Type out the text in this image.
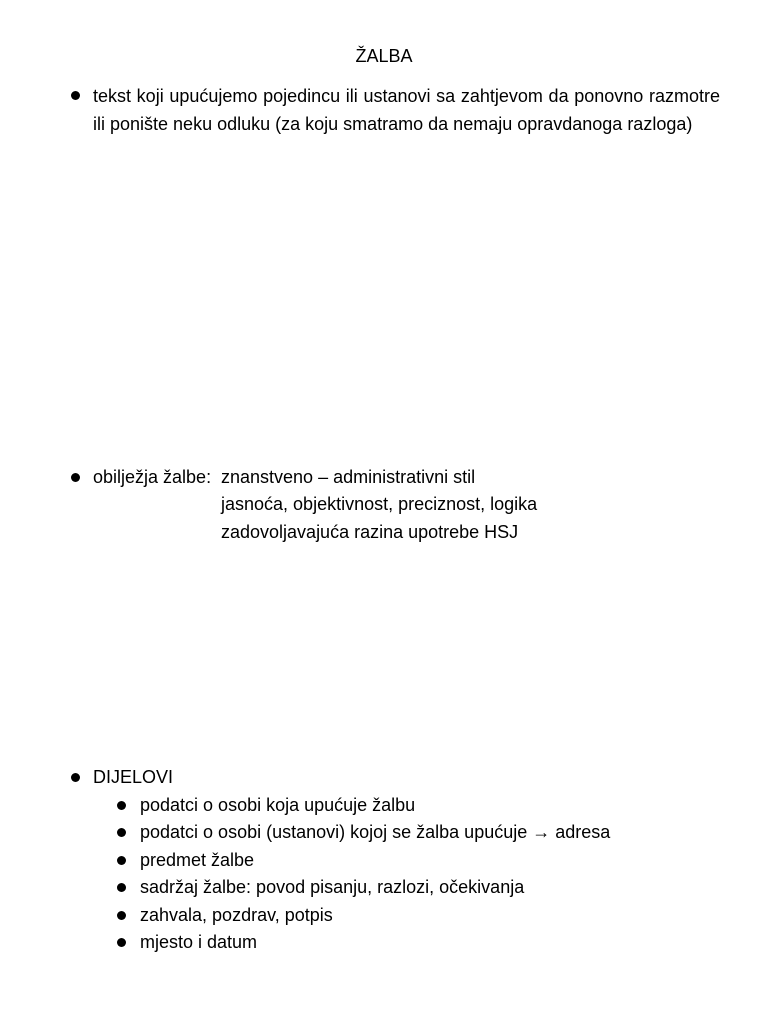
ŽALBA
tekst koji upućujemo pojedincu ili ustanovi sa zahtjevom da ponovno razmotre ili ponište neku odluku (za koju smatramo da nemaju opravdanoga razloga)
obilježja žalbe: znanstveno – administrativni stil
jasnoća, objektivnost, preciznost, logika
zadovoljavajuća razina upotrebe HSJ
DIJELOVI
podatci o osobi koja upućuje žalbu
podatci o osobi (ustanovi) kojoj se žalba upućuje → adresa
predmet žalbe
sadržaj žalbe: povod pisanju, razlozi, očekivanja
zahvala, pozdrav, potpis
mjesto i datum
